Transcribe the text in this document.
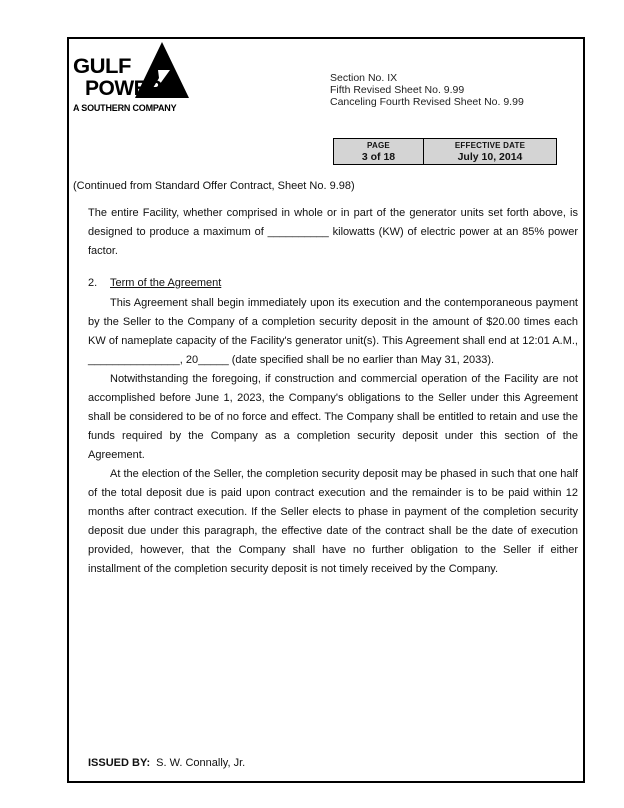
GULF
POWER
A SOUTHERN COMPANY
Section No. IX
Fifth Revised Sheet No. 9.99
Canceling Fourth Revised Sheet No. 9.99
PAGE
3 of 18
EFFECTIVE DATE
July 10, 2014
(Continued from Standard Offer Contract, Sheet No. 9.98)

The entire Facility, whether comprised in whole or in part of the generator units set forth above, is designed to produce a maximum of __________ kilowatts (KW) of electric power at an 85% power factor.

2. Term of the Agreement

This Agreement shall begin immediately upon its execution and the contemporaneous payment by the Seller to the Company of a completion security deposit in the amount of $20.00 times each KW of nameplate capacity of the Facility's generator unit(s). This Agreement shall end at 12:01 A.M., _______________, 20_____ (date specified shall be no earlier than May 31, 2033).

Notwithstanding the foregoing, if construction and commercial operation of the Facility are not accomplished before June 1, 2023, the Company's obligations to the Seller under this Agreement shall be considered to be of no force and effect. The Company shall be entitled to retain and use the funds required by the Company as a completion security deposit under this section of the Agreement.

At the election of the Seller, the completion security deposit may be phased in such that one half of the total deposit due is paid upon contract execution and the remainder is to be paid within 12 months after contract execution. If the Seller elects to phase in payment of the completion security deposit due under this paragraph, the effective date of the contract shall be the date of execution provided, however, that the Company shall have no further obligation to the Seller if either installment of the completion security deposit is not timely received by the Company.

ISSUED BY: S. W. Connally, Jr.
